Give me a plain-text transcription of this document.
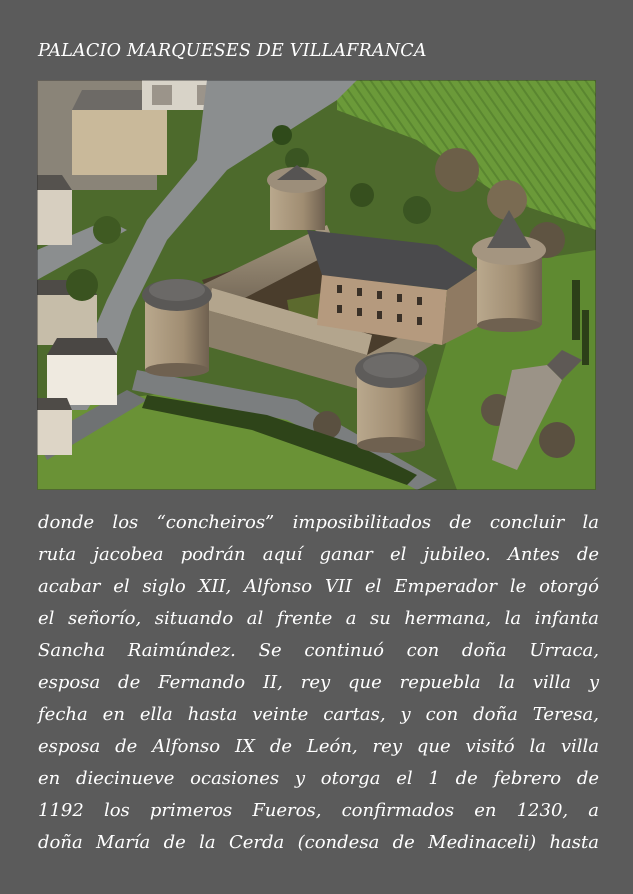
PALACIO MARQUESES DE VILLAFRANCA
donde los “concheiros” imposibilitados de concluir la
ruta jacobea podrán aquí ganar el jubileo. Antes de
acabar el siglo XII, Alfonso VII el Emperador le otorgó
el señorío, situando al frente a su hermana, la infanta
Sancha Raimúndez. Se continuó con doña Urraca,
esposa de Fernando II, rey que repuebla la villa y
fecha en ella hasta veinte cartas, y con doña Teresa,
esposa de Alfonso IX de León, rey que visitó la villa
en diecinueve ocasiones y otorga el 1 de febrero de
1192 los primeros Fueros, confirmados en 1230, a
doña María de la Cerda (condesa de Medinaceli) hasta
